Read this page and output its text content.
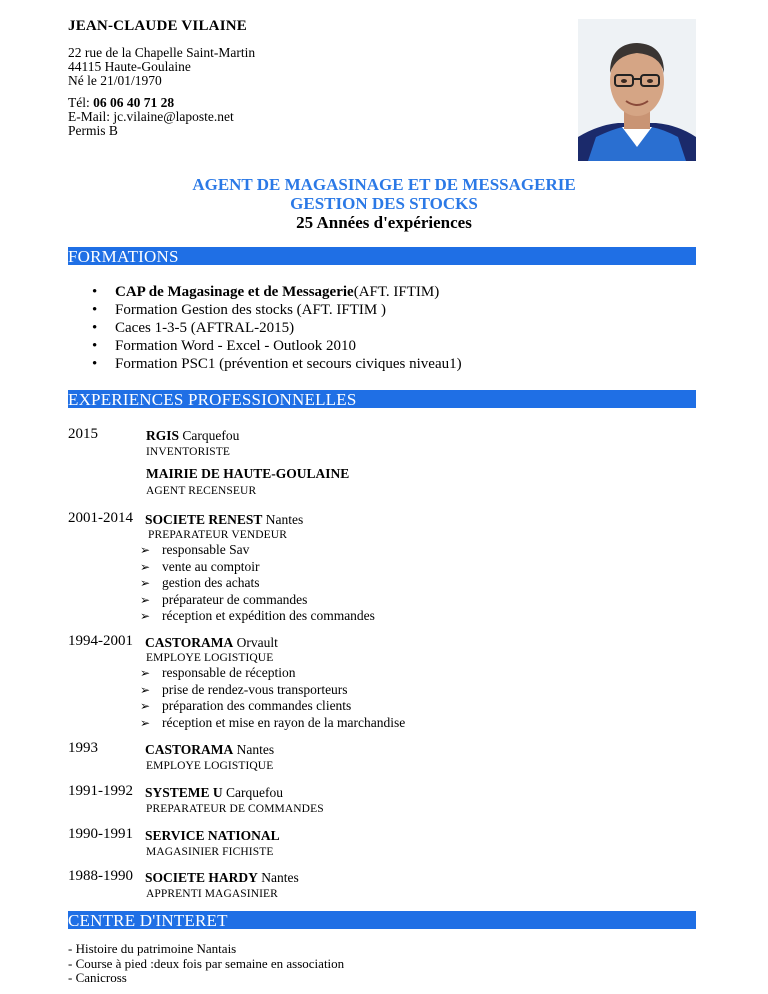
JEAN-CLAUDE VILAINE
22 rue de la Chapelle Saint-Martin
44115 Haute-Goulaine
Né le 21/01/1970
Tél: 06 06 40 71 28
E-Mail: jc.vilaine@laposte.net
Permis B
AGENT DE MAGASINAGE ET DE MESSAGERIE
GESTION DES STOCKS
25 Années d'expériences
FORMATIONS
• CAP de Magasinage et de Messagerie(AFT. IFTIM)
• Formation Gestion des stocks (AFT. IFTIM )
• Caces 1-3-5 (AFTRAL-2015)
• Formation Word - Excel - Outlook 2010
• Formation PSC1 (prévention et secours civiques niveau1)
EXPERIENCES PROFESSIONNELLES
2015	RGIS Carquefou
INVENTORISTE
MAIRIE DE HAUTE-GOULAINE
AGENT RECENSEUR
2001-2014 SOCIETE RENEST Nantes
PREPARATEUR VENDEUR
➢ responsable Sav
➢ vente au comptoir
➢ gestion des achats
➢ préparateur de commandes
➢ réception et expédition des commandes
1994-2001 CASTORAMA Orvault
EMPLOYE LOGISTIQUE
➢ responsable de réception
➢ prise de rendez-vous transporteurs
➢ préparation des commandes clients
➢ réception et mise en rayon de la marchandise
1993	CASTORAMA Nantes
EMPLOYE LOGISTIQUE
1991-1992 SYSTEME U Carquefou
PREPARATEUR DE COMMANDES
1990-1991 SERVICE NATIONAL
MAGASINIER FICHISTE
1988-1990 SOCIETE HARDY Nantes
APPRENTI MAGASINIER
CENTRE D'INTERET
- Histoire du patrimoine Nantais
- Course à pied :deux fois par semaine en association
- Canicross
